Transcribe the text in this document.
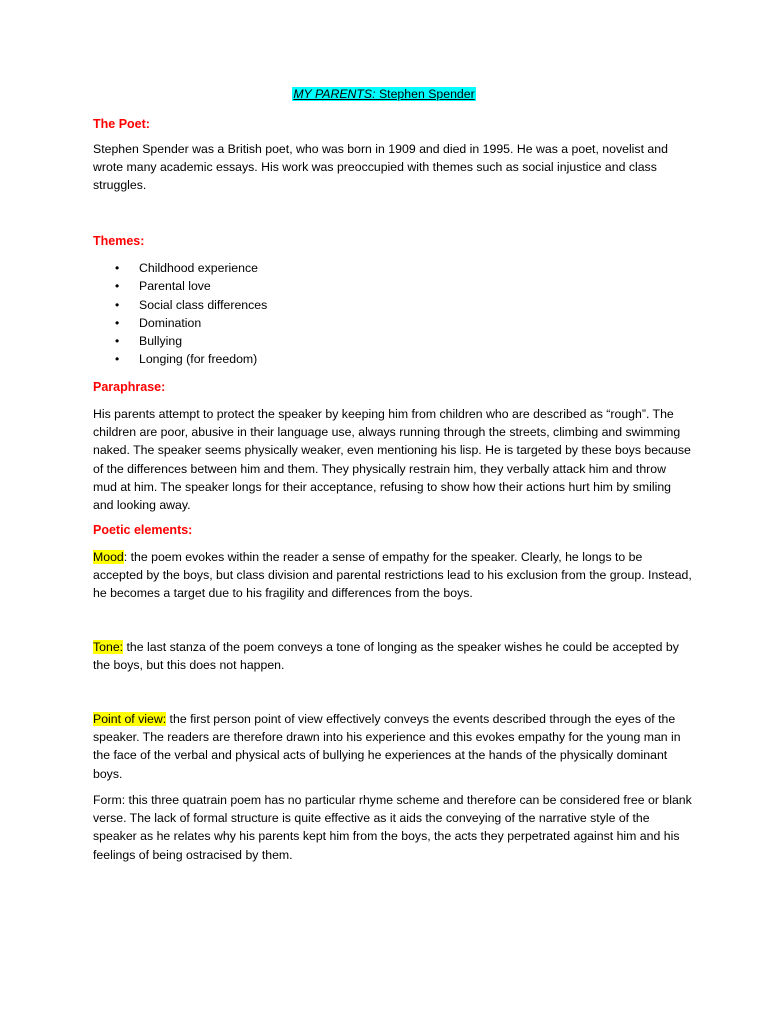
MY PARENTS: Stephen Spender
The Poet:

Stephen Spender was a British poet, who was born in 1909 and died in 1995. He was a poet, novelist and wrote many academic essays. His work was preoccupied with themes such as social injustice and class struggles.

Themes:
• Childhood experience
• Parental love
• Social class differences
• Domination
• Bullying
• Longing (for freedom)
Paraphrase:

His parents attempt to protect the speaker by keeping him from children who are described as “rough”. The children are poor, abusive in their language use, always running through the streets, climbing and swimming naked. The speaker seems physically weaker, even mentioning his lisp. He is targeted by these boys because of the differences between him and them. They physically restrain him, they verbally attack him and throw mud at him. The speaker longs for their acceptance, refusing to show how their actions hurt him by smiling and looking away.

Poetic elements:

Mood: the poem evokes within the reader a sense of empathy for the speaker. Clearly, he longs to be accepted by the boys, but class division and parental restrictions lead to his exclusion from the group. Instead, he becomes a target due to his fragility and differences from the boys.

Tone: the last stanza of the poem conveys a tone of longing as the speaker wishes he could be accepted by the boys, but this does not happen.

Point of view: the first person point of view effectively conveys the events described through the eyes of the speaker. The readers are therefore drawn into his experience and this evokes empathy for the young man in the face of the verbal and physical acts of bullying he experiences at the hands of the physically dominant boys.

Form: this three quatrain poem has no particular rhyme scheme and therefore can be considered free or blank verse. The lack of formal structure is quite effective as it aids the conveying of the narrative style of the speaker as he relates why his parents kept him from the boys, the acts they perpetrated against him and his feelings of being ostracised by them.
